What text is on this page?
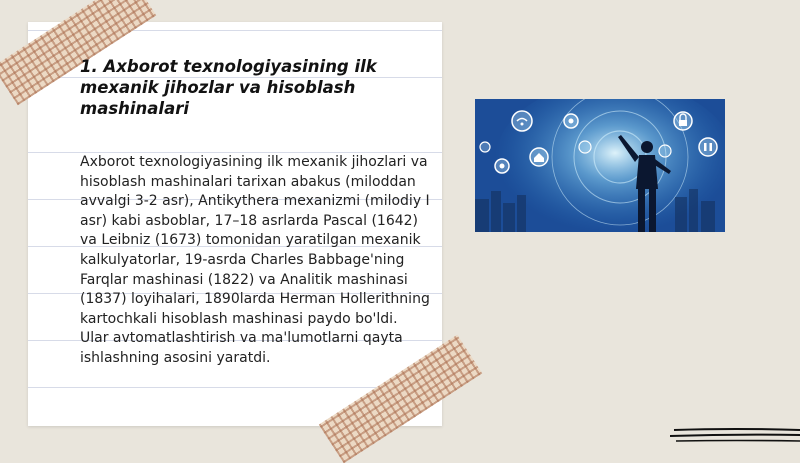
1. Axborot texnologiyasining ilk mexanik jihozlar va hisoblash mashinalari

Axborot texnologiyasining ilk mexanik jihozlari va hisoblash mashinalari tarixan abakus (miloddan avvalgi 3-2 asr), Antikythera mexanizmi (milodiy I asr) kabi asboblar, 17–18 asrlarda Pascal (1642) va Leibniz (1673) tomonidan yaratilgan mexanik kalkulyatorlar, 19-asrda Charles Babbage'ning Farqlar mashinasi (1822) va Analitik mashinasi (1837) loyihalari, 1890larda Herman Hollerithning kartochkali hisoblash mashinasi paydo bo'ldi. Ular avtomatlashtirish va ma'lumotlarni qayta ishlashning asosini yaratdi.
